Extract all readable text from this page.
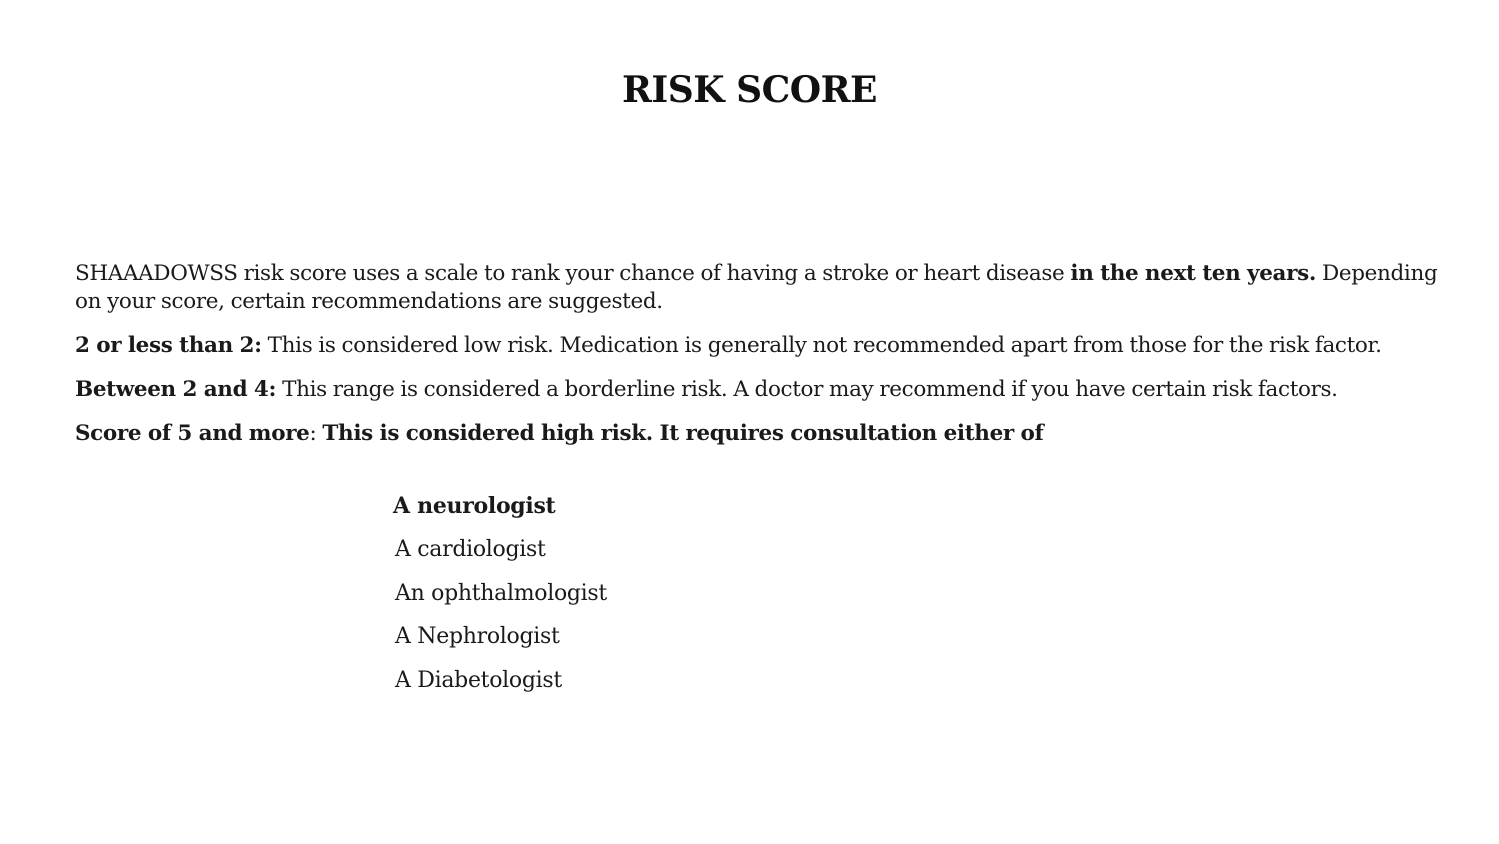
RISK SCORE

SHAAADOWSS risk score uses a scale to rank your chance of having a stroke or heart disease in the next ten years. Depending on your score, certain recommendations are suggested.

2 or less than 2: This is considered low risk. Medication is generally not recommended apart from those for the risk factor.

Between 2 and 4: This range is considered a borderline risk. A doctor may recommend if you have certain risk factors.

Score of 5 and more: This is considered high risk. It requires consultation either of

A neurologist

A cardiologist

An ophthalmologist

A Nephrologist

A Diabetologist
